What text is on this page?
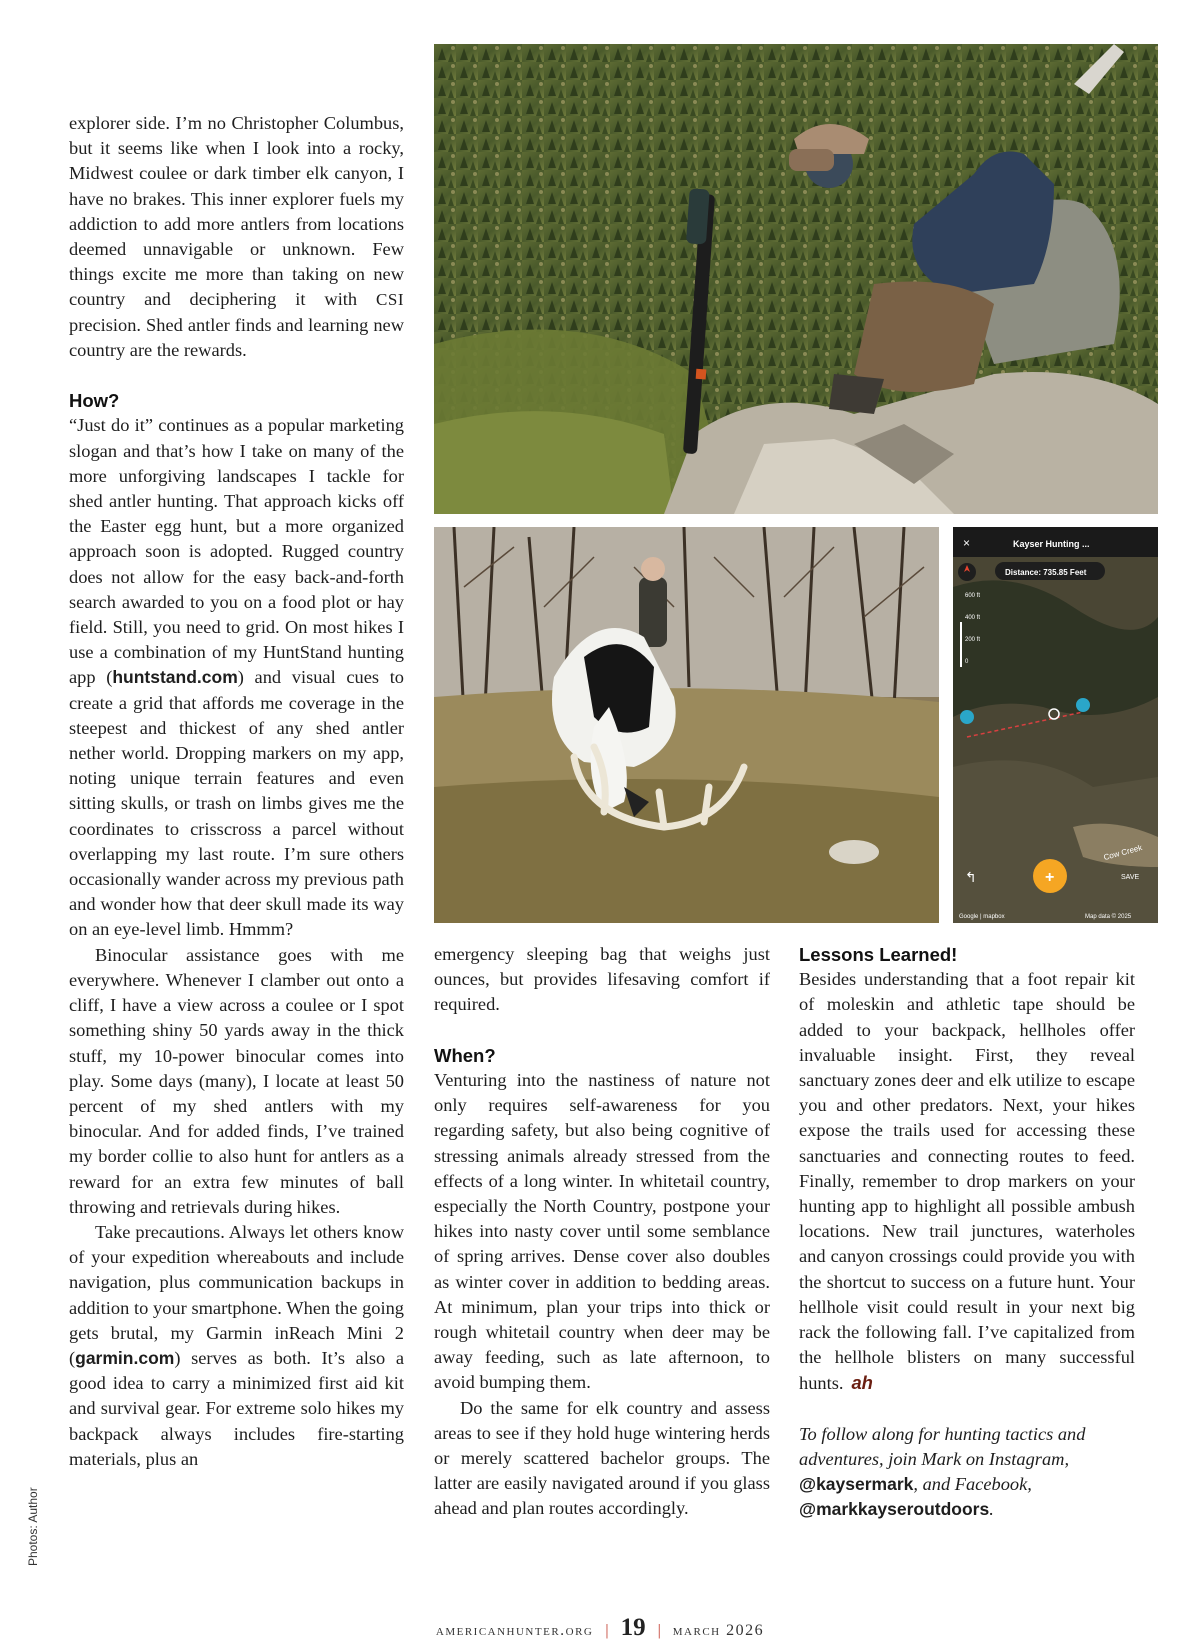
explorer side. I’m no Christopher Columbus, but it seems like when I look into a rocky, Midwest coulee or dark timber elk canyon, I have no brakes. This inner explorer fuels my addiction to add more antlers from locations deemed unnavigable or unknown. Few things excite me more than taking on new country and deciphering it with CSI precision. Shed antler finds and learning new country are the rewards.

How?

“Just do it” continues as a popular marketing slogan and that’s how I take on many of the more unforgiving landscapes I tackle for shed antler hunting. That approach kicks off the Easter egg hunt, but a more organized approach soon is adopted. Rugged country does not allow for the easy back-and-forth search awarded to you on a food plot or hay field. Still, you need to grid. On most hikes I use a combination of my HuntStand hunting app (huntstand.com) and visual cues to create a grid that affords me coverage in the steepest and thickest of any shed antler nether world. Dropping markers on my app, noting unique terrain features and even sitting skulls, or trash on limbs gives me the coordinates to crisscross a parcel without overlapping my last route. I’m sure others occasionally wander across my previous path and wonder how that deer skull made its way on an eye-level limb. Hmmm?

Binocular assistance goes with me everywhere. Whenever I clamber out onto a cliff, I have a view across a coulee or I spot something shiny 50 yards away in the thick stuff, my 10-power binocular comes into play. Some days (many), I locate at least 50 percent of my shed antlers with my binocular. And for added finds, I’ve trained my border collie to also hunt for antlers as a reward for an extra few minutes of ball throwing and retrievals during hikes.

Take precautions. Always let others know of your expedition whereabouts and include navigation, plus communication backups in addition to your smartphone. When the going gets brutal, my Garmin inReach Mini 2 (garmin.com) serves as both. It’s also a good idea to carry a minimized first aid kit and survival gear. For extreme solo hikes my backpack always includes fire-starting materials, plus an

emergency sleeping bag that weighs just ounces, but provides lifesaving comfort if required.

When?

Venturing into the nastiness of nature not only requires self-awareness for you regarding safety, but also being cognitive of stressing animals already stressed from the effects of a long winter. In whitetail country, especially the North Country, postpone your hikes into nasty cover until some semblance of spring arrives. Dense cover also doubles as winter cover in addition to bedding areas. At minimum, plan your trips into thick or rough whitetail country when deer may be away feeding, such as late afternoon, to avoid bumping them.

Do the same for elk country and assess areas to see if they hold huge wintering herds or merely scattered bachelor groups. The latter are easily navigated around if you glass ahead and plan routes accordingly.

Lessons Learned!

Besides understanding that a foot repair kit of moleskin and athletic tape should be added to your backpack, hellholes offer invaluable insight. First, they reveal sanctuary zones deer and elk utilize to escape you and other predators. Next, your hikes expose the trails used for accessing these sanctuaries and connecting routes to feed. Finally, remember to drop markers on your hunting app to highlight all possible ambush locations. New trail junctures, waterholes and canyon crossings could provide you with the shortcut to success on a future hunt. Your hellhole visit could result in your next big rack the following fall. I’ve capitalized from the hellhole blisters on many successful hunts. ah

To follow along for hunting tactics and adventures, join Mark on Instagram, @kaysermark, and Facebook, @markkayseroutdoors.

×	Kayser Hunting ...
Distance: 735.85 Feet
600 ft
400 ft
200 ft
0
Cow Creek
↰	+	SAVE
Google | mapbox	Map data © 2025
Photos: Author
americanhunter.org | 19 | march 2026
